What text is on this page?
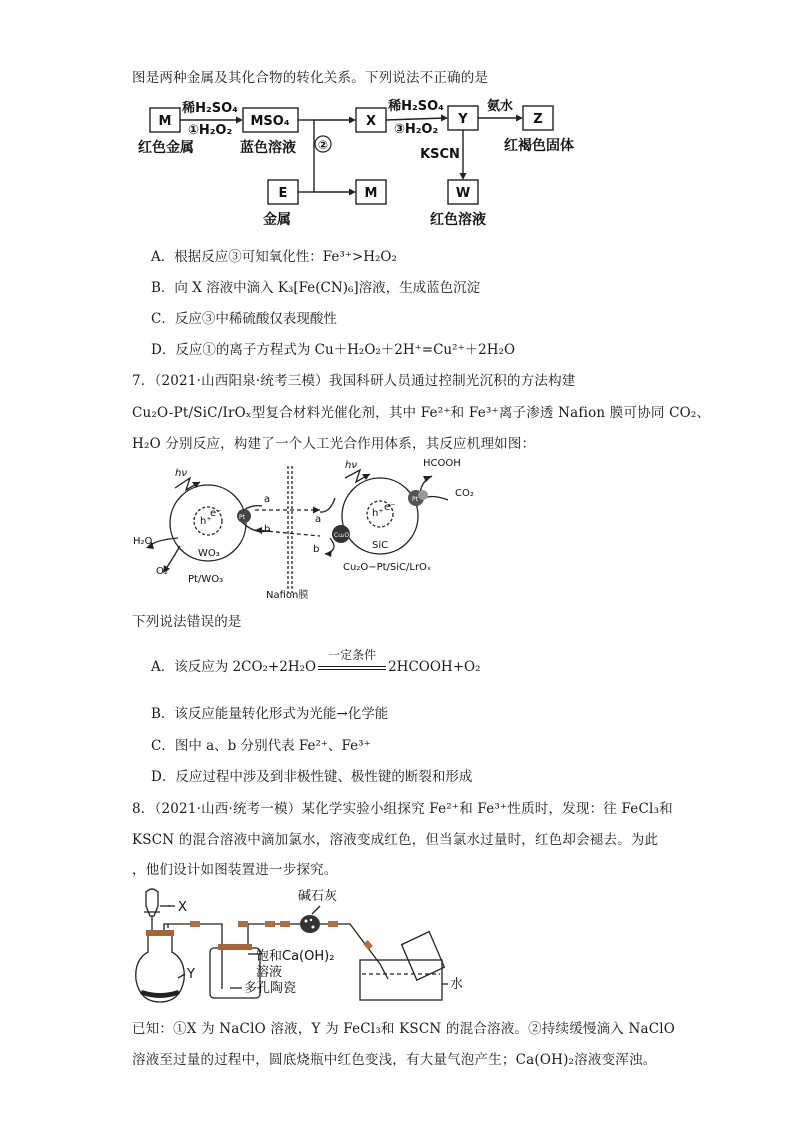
图是两种金属及其化合物的转化关系。下列说法不正确的是
M	MSO₄	X	Y	Z
E	M	W
稀H₂SO₄
①H₂O₂
稀H₂SO₄
③H₂O₂
②
氨水
KSCN
红色金属	蓝色溶液
金属	红色溶液
红褐色固体
A．根据反应③可知氧化性：Fe³⁺>H₂O₂
B．向 X 溶液中滴入 K₃[Fe(CN)₆]溶液，生成蓝色沉淀
C．反应③中稀硫酸仅表现酸性
D．反应①的离子方程式为 Cu＋H₂O₂＋2H⁺=Cu²⁺＋2H₂O
7．（2021·山西阳泉·统考三模）我国科研人员通过控制光沉积的方法构建
Cu₂O-Pt/SiC/IrOₓ型复合材料光催化剂，其中 Fe²⁺和 Fe³⁺离子渗透 Nafion 膜可协同 CO₂、
H₂O 分别反应，构建了一个人工光合作用体系，其反应机理如图：
hν
hν
H₂O
O₂
WO₃
Pt/WO₃
h⁺
e⁻	Pt
a
b
a
b
Nafion膜
HCOOH
CO₂
SiC
h⁺
e⁻
Cu₂O
Pt
Cu₂O−Pt/SiC/LrOₓ
下列说法错误的是
A．该反应为 2CO₂+2H₂O
一定条件
2HCOOH+O₂
B．该反应能量转化形式为光能→化学能
C．图中 a、b 分别代表 Fe²⁺、Fe³⁺
D．反应过程中涉及到非极性键、极性键的断裂和形成
8．（2021·山西·统考一模）某化学实验小组探究 Fe²⁺和 Fe³⁺性质时，发现：往 FeCl₃和
KSCN 的混合溶液中滴加氯水，溶液变成红色，但当氯水过量时，红色却会褪去。为此
，他们设计如图装置进一步探究。
X
Y
碱石灰
饱和Ca(OH)₂
溶液
多孔陶瓷	水
已知：①X 为 NaClO 溶液，Y 为 FeCl₃和 KSCN 的混合溶液。②持续缓慢滴入 NaClO
溶液至过量的过程中，圆底烧瓶中红色变浅，有大量气泡产生；Ca(OH)₂溶液变浑浊。
